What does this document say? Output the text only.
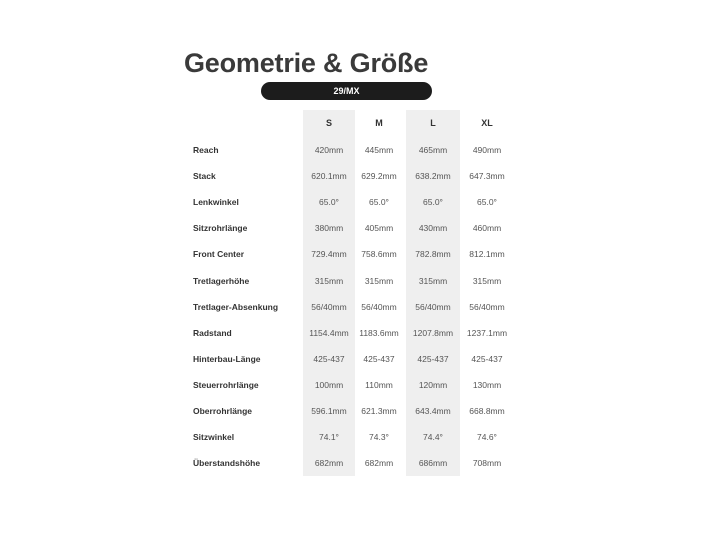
Geometrie & Größe
29/MX
S	M	L	XL
Reach	420mm	445mm	465mm	490mm
Stack	620.1mm	629.2mm	638.2mm	647.3mm
Lenkwinkel	65.0°	65.0°	65.0°	65.0°
Sitzrohrlänge	380mm	405mm	430mm	460mm
Front Center	729.4mm	758.6mm	782.8mm	812.1mm
Tretlagerhöhe	315mm	315mm	315mm	315mm
Tretlager-Absenkung	56/40mm	56/40mm	56/40mm	56/40mm
Radstand	1154.4mm	1183.6mm	1207.8mm	1237.1mm
Hinterbau-Länge	425-437	425-437	425-437	425-437
Steuerrohrlänge	100mm	110mm	120mm	130mm
Oberrohrlänge	596.1mm	621.3mm	643.4mm	668.8mm
Sitzwinkel	74.1°	74.3°	74.4°	74.6°
Überstandshöhe	682mm	682mm	686mm	708mm
